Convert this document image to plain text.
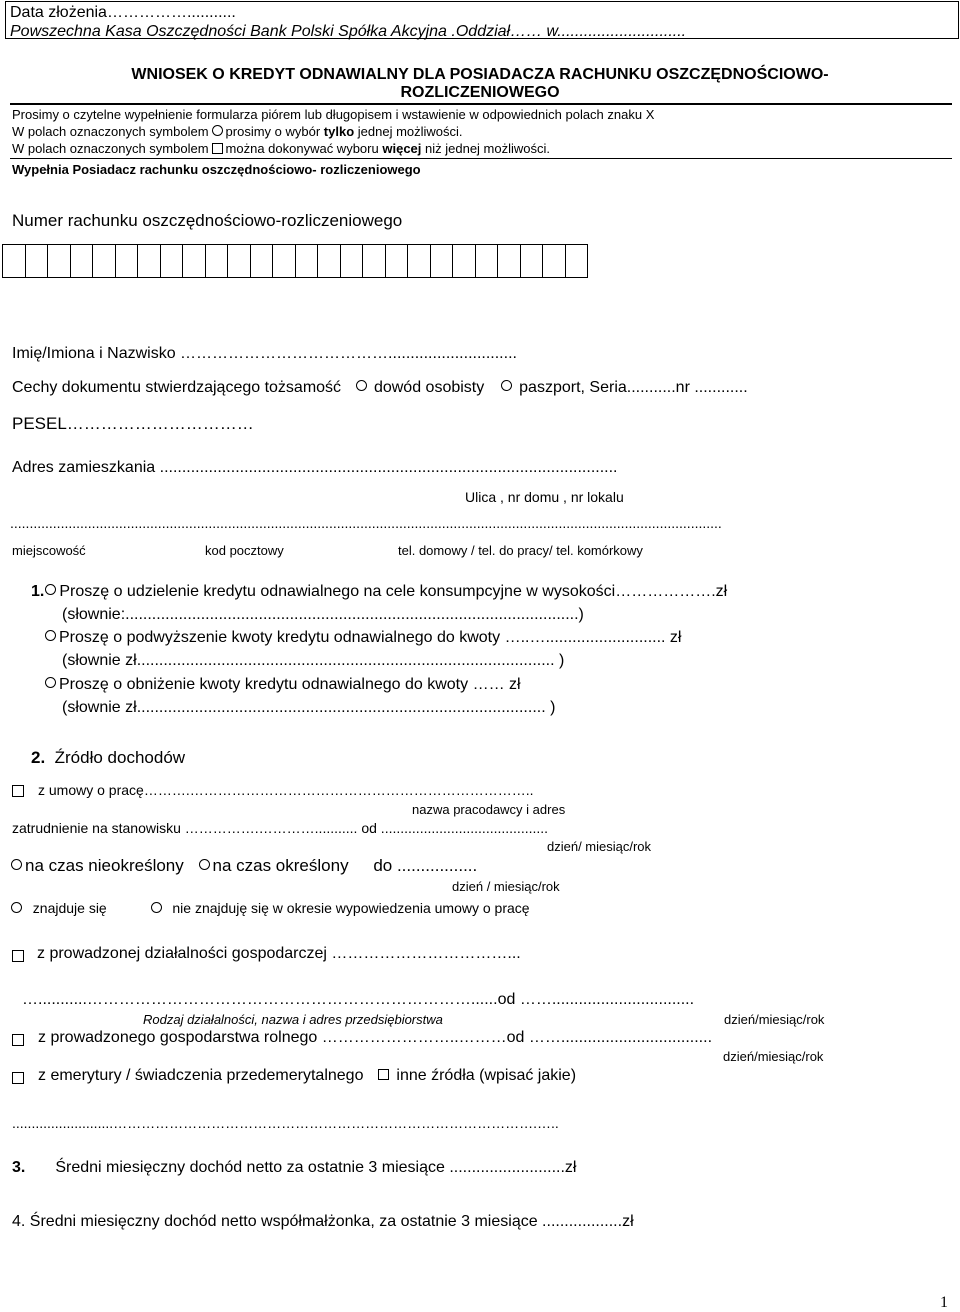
Data złożenia……………...........
Powszechna Kasa Oszczędności Bank Polski Spółka Akcyjna .Oddział…… w.............................
WNIOSEK O KREDYT ODNAWIALNY DLA POSIADACZA RACHUNKU OSZCZĘDNOŚCIOWO-
ROZLICZENIOWEGO
Prosimy o czytelne wypełnienie formularza piórem lub długopisem i wstawienie w odpowiednich polach znaku X
W polach oznaczonych symbolem prosimy o wybór tylko jednej możliwości.
W polach oznaczonych symbolem można dokonywać wyboru więcej niż jednej możliwości.
Wypełnia Posiadacz rachunku oszczędnościowo- rozliczeniowego
Numer rachunku oszczędnościowo-rozliczeniowego
Imię/Imiona i Nazwisko ………………………………….............................
Cechy dokumentu stwierdzającego tożsamość dowód osobisty paszport, Seria...........nr ............
PESEL……………………………
Adres zamieszkania .......................................................................................................
Ulica , nr domu , nr lokalu
.......................................................................................................................................................................................
miejscowość	kod pocztowy	tel. domowy / tel. do pracy/ tel. komórkowy
1. Proszę o udzielenie kredytu odnawialnego na cele konsumpcyjne w wysokości……………….zł
(słownie:......................................................................................................)
Proszę o podwyższenie kwoty kredytu odnawialnego do kwoty …..…........................... zł
(słownie zł.............................................................................................. )
Proszę o obniżenie kwoty kredytu odnawialnego do kwoty …… zł
(słownie zł............................................................................................ )
2. Źródło dochodów
z umowy o pracę……….………………………………………………………………..
nazwa pracodawcy i adres
zatrudnienie na stanowisku …………….…………........... od ...........................................
dzień/ miesiąc/rok
na czas nieokreślony na czas określony do .................
dzień / miesiąc/rok
znajduje się	nie znajduję się w okresie wypowiedzenia umowy o pracę
z prowadzonej działalności gospodarczej ……………………………...
…...........………………………………………………………………......od ……................................
Rodzaj działalności, nazwa i adres przedsiębiorstwa	dzień/miesiąc/rok
z prowadzonego gospodarstwa rolnego ……………………..………od ……..................................
dzień/miesiąc/rok
z emerytury / świadczenia przedemerytalnego inne źródła (wpisać jakie)
..........................……………………………………………………………………………….…..
3. Średni miesięczny dochód netto za ostatnie 3 miesiące ..........................zł
4. Średni miesięczny dochód netto współmałżonka, za ostatnie 3 miesiące ..................zł
1
